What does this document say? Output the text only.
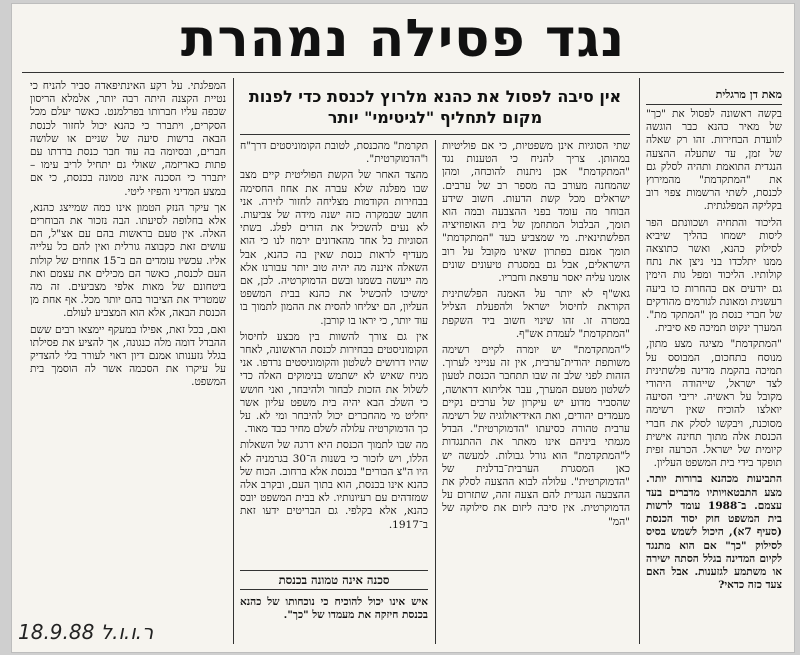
נגד פסילה נמהרת
מאת דן מרגלית

בקשה ראשונה לפסול את "כך" של מאיר כהנא כבר הוגשה לוועדת הבחירות. זהו רק שאלה של זמן, עד שתעלה ההצעה הנגדית התואמת ותהיה לסלק גם את "המתקדמת" מהמירוץ לכנסת, לשתי הרשמות צפוי רוב בקליקה המפלגתית.

הליכוד והתחיה ושכוונתם הפר ליסות ישמחו בהליך שיביא לסילוק כהנא, ואשר כתוצאה ממנו יתלכדו בני ניצן את נתח קולותיו. הליכוד ומפל גות הימין גם יודעים אם בהחרות כו ביעה רעשנית ומאונת לגורמים מהודקים של חברי כנסת מן "המתקד מת". המערך ינקוט תמיכה פא סיבית.

"המתקדמת" מציגה מצע מתון, מנוסח בתחכום, המבוסס על תמיכה בהקמת מדינה פלשתינית לצד ישראל, שייהודה היהודי מקובל על ראשיה. יריבי הסיעה יואלצו להוכיח שאין רשימה מסוכנת, ויבקשו לסלק את חברי הכנסת אלה מתוך תחינה אישית קיומית של ישראל. הכרעה זפית תופקד בידי בית המשפט העליון.

התביעות מכהנא ברורות יותר. מצע התבטאויותיו מדברים בעד עצמם. ב־1988 עומד לרשות בית המשפט חוק יסוד הכנסת (סעיף 7א), היכול לשמש בסיס לסילוק "כך" אם הוא מתנגד לקיום המדינה בגלל הסתה ישירה או משתמע לגזענות. אבל האם צעד כזה כדאי?

אין סיבה לפסול את כהנא מלרוץ לכנסת כדי לפנות מקום לתחליף "לגיטימי" יותר

שתי הסוגיות אינן משפטיות, כי אם פוליטיות במהותן. צריך להניח כי הטענות נגד "המתקדמת" אכן ניתנות להוכחה, ומהן שהמחנה מעורב בה מספר רב של ערבים. ישראלים מכל קשת הדעות. חשוב שידע הבוחר מה עומד בפני ההצבעה ובמה הוא תומך, הבלבול המתוזמן של בית האופוזיציה הפלשתינאית. מי שמצביע בעד "המתקדמת" תומך אמנם בפתרון שאינו מקובל על רוב הישראלים, אבל גם במסגרת טיעונים שונים אומנו עליה יאסר ערפאת וחבריו.

גאש"ף לא יותר על האמנה הפלשתינית הקוראת לחיסול ישראל ולהפעלת הצליל במטרה זו. זהו שינוי חשוב ביד השקפת "המתקדמת" לעמדת אש"ף.

ל"המתקדמת" יש יומרה לקיים רשימה משותפת יהודית־ערבית, אין זה ענייני לערוך. הזהות לפני שלב זה שבו תתחבר הכנסת לטעון לשלטון מטעם המערך, עבר אליתוא דראושה, שהסביר מדוע יש עיקרון של ערבים נקיים מעמדים יהודים, ואת האידיאולוגיה של רשימה ערבית טהורה כסיעתו "הדמוקרטית". הבדל מגמתי ביניהם אינו מאתר את ההתנגדות ל"המתקדמת" הוא גורל גבולות. למעשה יש כאן המסגרת הערבית־בדלנית של "הדמוקרטית". עלולה לבוא ההצעה לסלק את ההצבעה הנגדית להם הצעה זהה, שתזרום על הדמוקרטית. אין סיבה ליזום את סילוקה של "המ"

תקרמת" מהכנסת, לטובת הקומוניסטים דרך"ח ו"הדמוקרטית".

מהצד האחר של הקשת הפוליטית קיים מצב שבו מפלגה שלא עברה את אחוז החסימה בבחירות הקודמות מצליחה לחזור לזירה. אני חושב שבמקרה כזה ישנה מידה של צביעות. לא נעים להשכיל את הזרים לפלג. בשתי הסוגיות כל אחד מהאדונים ירמוז לנו כי הוא מעדיף לראות כנסת שאין בה כהנא, אבל השאלה איננה מה יהיה טוב יותר עבורנו אלא מה ייעשה בשמנו ובשם הדמוקרטיה. לכן, אם ימשיכו להכשיל את כהנא בבית המשפט העליון, הם יצליחו להסית את ההמון לתמוך בו עוד יותר, כי יראו בו קורבן.

אין גם צורך להשוות בין מבצע לחיסול הקומוניסטים בבחירות לכנסת הראשונה, לאחר שהיו דרושים לשלטון והקומוניסטים נרדפו. אני מניח שאיש לא ישתמש בנימוקים האלה כדי לשלול את הזכות לבחור ולהיבחר, ואני חושש כי השלב הבא יהיה בית משפט עליון אשר יחליט מי מהחברים יכול להיבחר ומי לא. על כך הדמוקרטיה עלולה לשלם מחיר כבד מאוד.

מה שבו לתמוך הכנסת היא דרגה של השאלות הללו, ויש לזכור כי בשנות ה־30 בגרמניה לא היו ה"צ הבורים" בכנסת אלא ברחוב. הכוח של כהנא אינו בכנסת, הוא בתוך העם, ובקרב אלה שמזדהים עם רעיונותיו. לא בבית המשפט יובס כהנא, אלא בקלפי. גם הבריטים ידעו זאת ב־1917.

סכנה אינה טמונה בכנסת

איש אינו יכול להוכיח כי נוכחותו של כהנא בכנסת חיזקה את מעמדו של "כך".

המפלגתי. על רקע האינתיפאדה סביר להניח כי נטיית הקצנה היתה רבה יותר, אלמלא הריסון שכפה עליו חברותו בפרלמנט. כאשר יעלם מכל הסקרים, ויתברר כי כהנא יכול לחזור לכנסת הבאה ברשות סיעה של שניים או שלושה חברים, ובסיומה בה עוד חבר כנסת ברדתו עם פתות כאריזמה, שאולי גם יתחיל לריב עימו – יתברר כי הסכנה אינה טמונה בכנסת, כי אם במצע המדיני והפיזי ליטי.

אך עיקר הנזק הטמון אינו כמה שמייצג כהנא, אלא בחלופה לסיעתו. הבה נזכור את הבוחרים האלה. אין טעם בראשות בהם עם אצ"ל, הם עושים זאת כקבוצה גורלית ואין להם כל עלייה אליו. עכשיו עומדים הם ב־15 אחוזים של קולות העם לכנסת, כאשר הם מכילים את עצמם ואת ביטחונם של מאות אלפי מצביעים. זה מה שמטריד את הציבור בהם יותר מכל. אף אחת מן הכנסת הבאה, אלא הוא המצביע לעולם.

ואם, בכל זאת, אפילו במעקף יימצאו רבים ששם ההבדל דומה מלה כנגונה, אך להציע את פסילתו בגלל גזענותו אמנם דיון ראוי לעורר בלי להצדיק על עיקרו את הסכמה אשר לה הוסמך בית המשפט.

18.9.88 ר.ו.ו.ל
